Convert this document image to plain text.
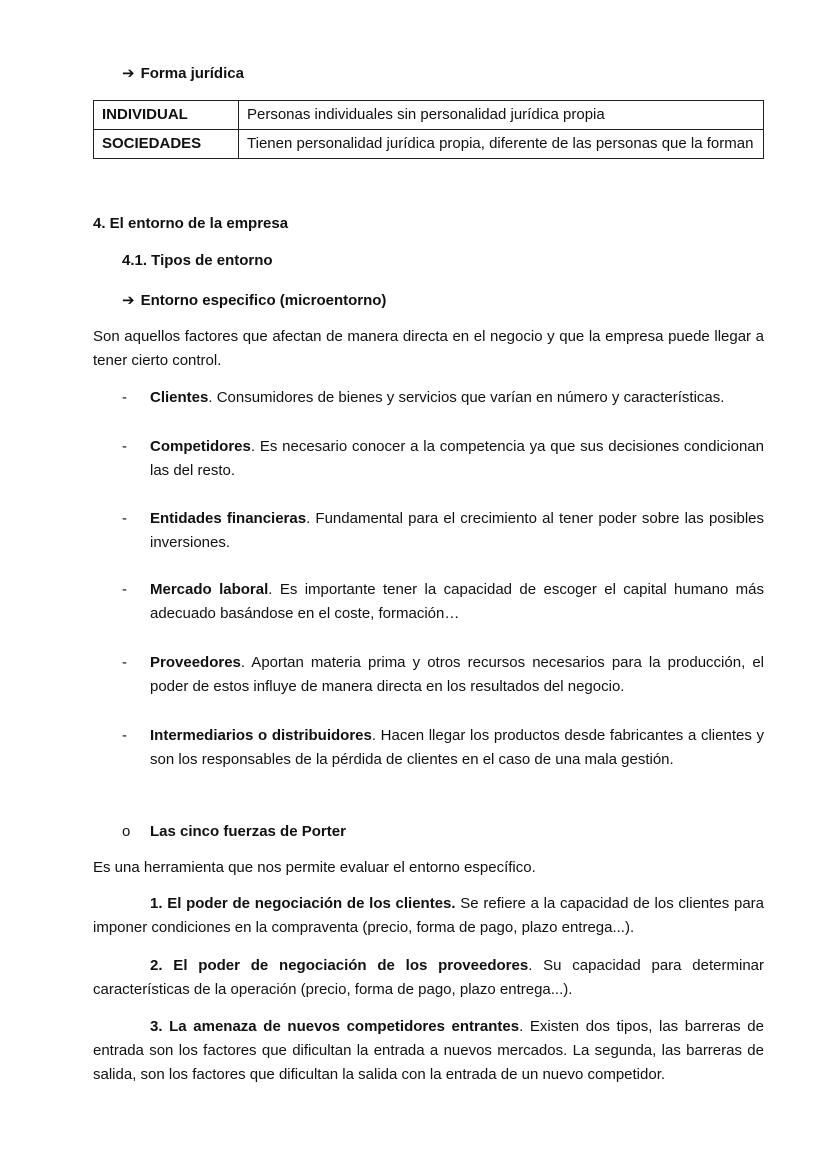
➔ Forma jurídica
INDIVIDUAL	Personas individuales sin personalidad jurídica propia
SOCIEDADES	Tienen personalidad jurídica propia, diferente de las personas que la forman
4. El entorno de la empresa
4.1. Tipos de entorno
➔ Entorno especifico (microentorno)
Son aquellos factores que afectan de manera directa en el negocio y que la empresa puede llegar a tener cierto control.
-	Clientes. Consumidores de bienes y servicios que varían en número y características.
-	Competidores. Es necesario conocer a la competencia ya que sus decisiones condicionan las del resto.
-	Entidades financieras. Fundamental para el crecimiento al tener poder sobre las posibles inversiones.
-	Mercado laboral. Es importante tener la capacidad de escoger el capital humano más adecuado basándose en el coste, formación…
-	Proveedores. Aportan materia prima y otros recursos necesarios para la producción, el poder de estos influye de manera directa en los resultados del negocio.
-	Intermediarios o distribuidores. Hacen llegar los productos desde fabricantes a clientes y son los responsables de la pérdida de clientes en el caso de una mala gestión.
o Las cinco fuerzas de Porter
Es una herramienta que nos permite evaluar el entorno específico.
1. El poder de negociación de los clientes. Se refiere a la capacidad de los clientes para imponer condiciones en la compraventa (precio, forma de pago, plazo entrega...).
2. El poder de negociación de los proveedores. Su capacidad para determinar características de la operación (precio, forma de pago, plazo entrega...).
3. La amenaza de nuevos competidores entrantes. Existen dos tipos, las barreras de entrada son los factores que dificultan la entrada a nuevos mercados. La segunda, las barreras de salida, son los factores que dificultan la salida con la entrada de un nuevo competidor.
